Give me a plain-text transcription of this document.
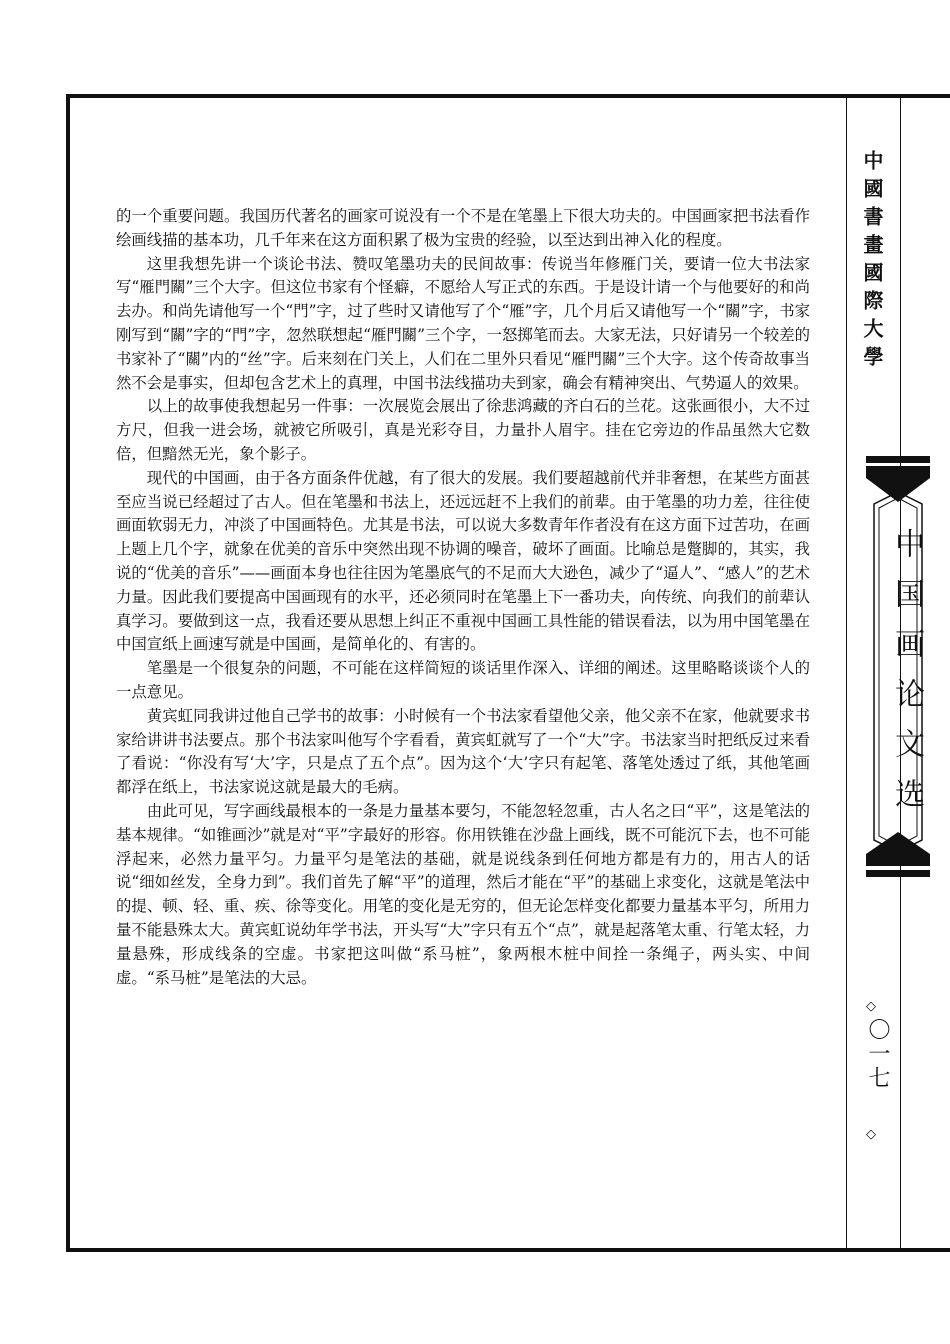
的一个重要问题。我国历代著名的画家可说没有一个不是在笔墨上下很大功夫的。中国画家把书法看作绘画线描的基本功，几千年来在这方面积累了极为宝贵的经验，以至达到出神入化的程度。

这里我想先讲一个谈论书法、赞叹笔墨功夫的民间故事：传说当年修雁门关，要请一位大书法家写“雁門關”三个大字。但这位书家有个怪癖，不愿给人写正式的东西。于是设计请一个与他要好的和尚去办。和尚先请他写一个“門”字，过了些时又请他写了个“雁”字，几个月后又请他写一个“關”字，书家刚写到“關”字的“門”字，忽然联想起“雁門關”三个字，一怒掷笔而去。大家无法，只好请另一个较差的书家补了“關”内的“丝”字。后来刻在门关上，人们在二里外只看见“雁門關”三个大字。这个传奇故事当然不会是事实，但却包含艺术上的真理，中国书法线描功夫到家，确会有精神突出、气势逼人的效果。

以上的故事使我想起另一件事：一次展览会展出了徐悲鸿藏的齐白石的兰花。这张画很小，大不过方尺，但我一进会场，就被它所吸引，真是光彩夺目，力量扑人眉宇。挂在它旁边的作品虽然大它数倍，但黯然无光，象个影子。

现代的中国画，由于各方面条件优越，有了很大的发展。我们要超越前代并非奢想，在某些方面甚至应当说已经超过了古人。但在笔墨和书法上，还远远赶不上我们的前辈。由于笔墨的功力差，往往使画面软弱无力，冲淡了中国画特色。尤其是书法，可以说大多数青年作者没有在这方面下过苦功，在画上题上几个字，就象在优美的音乐中突然出现不协调的噪音，破坏了画面。比喻总是蹩脚的，其实，我说的“优美的音乐”——画面本身也往往因为笔墨底气的不足而大大逊色，减少了“逼人”、“感人”的艺术力量。因此我们要提高中国画现有的水平，还必须同时在笔墨上下一番功夫，向传统、向我们的前辈认真学习。要做到这一点，我看还要从思想上纠正不重视中国画工具性能的错误看法，以为用中国笔墨在中国宣纸上画速写就是中国画，是简单化的、有害的。

笔墨是一个很复杂的问题，不可能在这样简短的谈话里作深入、详细的阐述。这里略略谈谈个人的一点意见。

黄宾虹同我讲过他自己学书的故事：小时候有一个书法家看望他父亲，他父亲不在家，他就要求书家给讲讲书法要点。那个书法家叫他写个字看看，黄宾虹就写了一个“大”字。书法家当时把纸反过来看了看说：“你没有写‘大’字，只是点了五个点”。因为这个‘大’字只有起笔、落笔处透过了纸，其他笔画都浮在纸上，书法家说这就是最大的毛病。

由此可见，写字画线最根本的一条是力量基本要匀，不能忽轻忽重，古人名之曰“平”，这是笔法的基本规律。“如锥画沙”就是对“平”字最好的形容。你用铁锥在沙盘上画线，既不可能沉下去，也不可能浮起来，必然力量平匀。力量平匀是笔法的基础，就是说线条到任何地方都是有力的，用古人的话说“细如丝发，全身力到”。我们首先了解“平”的道理，然后才能在“平”的基础上求变化，这就是笔法中的提、顿、轻、重、疾、徐等变化。用笔的变化是无穷的，但无论怎样变化都要力量基本平匀，所用力量不能悬殊太大。黄宾虹说幼年学书法，开头写“大”字只有五个“点”，就是起落笔太重、行笔太轻，力量悬殊，形成线条的空虚。书家把这叫做“系马桩”，象两根木桩中间拴一条绳子，两头实、中间虚。“系马桩”是笔法的大忌。

中國書畫國際大學
中国画论文选
◇
〇一七
◇
